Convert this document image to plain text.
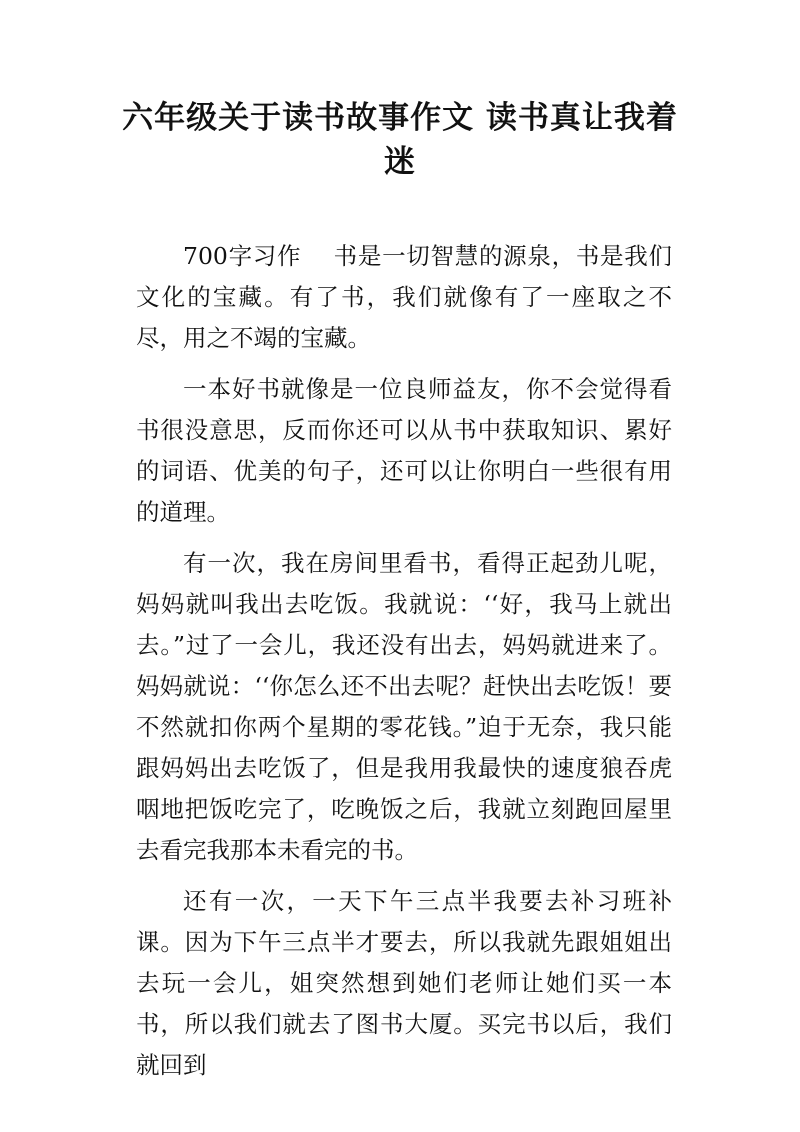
六年级关于读书故事作文 读书真让我着迷

700字习作　 书是一切智慧的源泉，书是我们文化的宝藏。有了书，我们就像有了一座取之不尽，用之不竭的宝藏。

一本好书就像是一位良师益友，你不会觉得看书很没意思，反而你还可以从书中获取知识、累好的词语、优美的句子，还可以让你明白一些很有用的道理。

有一次，我在房间里看书，看得正起劲儿呢，妈妈就叫我出去吃饭。我就说：‘‘好，我马上就出去。”过了一会儿，我还没有出去，妈妈就进来了。妈妈就说：‘‘你怎么还不出去呢？赶快出去吃饭！要不然就扣你两个星期的零花钱。”迫于无奈，我只能跟妈妈出去吃饭了，但是我用我最快的速度狼吞虎咽地把饭吃完了，吃晚饭之后，我就立刻跑回屋里去看完我那本未看完的书。

还有一次，一天下午三点半我要去补习班补课。因为下午三点半才要去，所以我就先跟姐姐出去玩一会儿，姐突然想到她们老师让她们买一本书，所以我们就去了图书大厦。买完书以后，我们就回到
